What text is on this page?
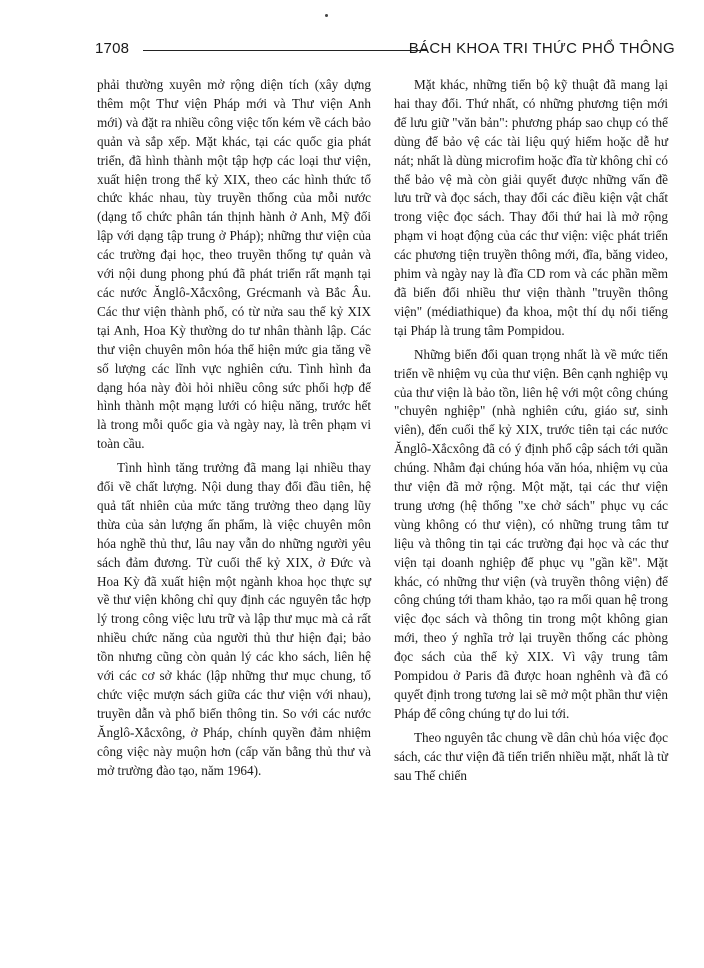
1708	BÁCH KHOA TRI THỨC PHỔ THÔNG

phải thường xuyên mở rộng diện tích (xây dựng thêm một Thư viện Pháp mới và Thư viện Anh mới) và đặt ra nhiều công việc tốn kém về cách bảo quản và sắp xếp. Mặt khác, tại các quốc gia phát triển, đã hình thành một tập hợp các loại thư viện, xuất hiện trong thế kỷ XIX, theo các hình thức tổ chức khác nhau, tùy truyền thống của mỗi nước (dạng tổ chức phân tán thịnh hành ở Anh, Mỹ đối lập với dạng tập trung ở Pháp); những thư viện của các trường đại học, theo truyền thống tự quản và với nội dung phong phú đã phát triển rất mạnh tại các nước Ănglô-Xắcxông, Grécmanh và Bắc Âu. Các thư viện thành phố, có từ nửa sau thế kỷ XIX tại Anh, Hoa Kỳ thường do tư nhân thành lập. Các thư viện chuyên môn hóa thể hiện mức gia tăng về số lượng các lĩnh vực nghiên cứu. Tình hình đa dạng hóa này đòi hỏi nhiều công sức phối hợp để hình thành một mạng lưới có hiệu năng, trước hết là trong mỗi quốc gia và ngày nay, là trên phạm vi toàn cầu.

Tình hình tăng trưởng đã mang lại nhiều thay đổi về chất lượng. Nội dung thay đổi đầu tiên, hệ quả tất nhiên của mức tăng trưởng theo dạng lũy thừa của sản lượng ấn phẩm, là việc chuyên môn hóa nghề thủ thư, lâu nay vẫn do những người yêu sách đảm đương. Từ cuối thế kỷ XIX, ở Đức và Hoa Kỳ đã xuất hiện một ngành khoa học thực sự về thư viện không chỉ quy định các nguyên tắc hợp lý trong công việc lưu trữ và lập thư mục mà cả rất nhiều chức năng của người thủ thư hiện đại; bảo tồn nhưng cũng còn quản lý các kho sách, liên hệ với các cơ sở khác (lập những thư mục chung, tổ chức việc mượn sách giữa các thư viện với nhau), truyền dẫn và phổ biến thông tin. So với các nước Ănglô-Xắcxông, ở Pháp, chính quyền đảm nhiệm công việc này muộn hơn (cấp văn bằng thủ thư và mở trường đào tạo, năm 1964).

Mặt khác, những tiến bộ kỹ thuật đã mang lại hai thay đổi. Thứ nhất, có những phương tiện mới để lưu giữ "văn bản": phương pháp sao chụp có thể dùng để bảo vệ các tài liệu quý hiếm hoặc dễ hư nát; nhất là dùng microfim hoặc đĩa từ không chỉ có thể bảo vệ mà còn giải quyết được những vấn đề lưu trữ và đọc sách, thay đổi các điều kiện vật chất trong việc đọc sách. Thay đổi thứ hai là mở rộng phạm vi hoạt động của các thư viện: việc phát triển các phương tiện truyền thông mới, đĩa, băng video, phim và ngày nay là đĩa CD rom và các phần mềm đã biến đổi nhiều thư viện thành "truyền thông viện" (médiathique) đa khoa, một thí dụ nổi tiếng tại Pháp là trung tâm Pompidou.

Những biến đổi quan trọng nhất là về mức tiến triển về nhiệm vụ của thư viện. Bên cạnh nghiệp vụ của thư viện là bảo tồn, liên hệ với một công chúng "chuyên nghiệp" (nhà nghiên cứu, giáo sư, sinh viên), đến cuối thế kỷ XIX, trước tiên tại các nước Ănglô-Xắcxông đã có ý định phổ cập sách tới quần chúng. Nhằm đại chúng hóa văn hóa, nhiệm vụ của thư viện đã mở rộng. Một mặt, tại các thư viện trung ương (hệ thống "xe chở sách" phục vụ các vùng không có thư viện), có những trung tâm tư liệu và thông tin tại các trường đại học và các thư viện tại doanh nghiệp để phục vụ "gần kề". Mặt khác, có những thư viện (và truyền thông viện) để công chúng tới tham khảo, tạo ra mối quan hệ trong việc đọc sách và thông tin trong một không gian mới, theo ý nghĩa trở lại truyền thống các phòng đọc sách của thế kỷ XIX. Vì vậy trung tâm Pompidou ở Paris đã được hoan nghênh và đã có quyết định trong tương lai sẽ mở một phần thư viện Pháp để công chúng tự do lui tới.

Theo nguyên tắc chung về dân chủ hóa việc đọc sách, các thư viện đã tiến triển nhiều mặt, nhất là từ sau Thế chiến
